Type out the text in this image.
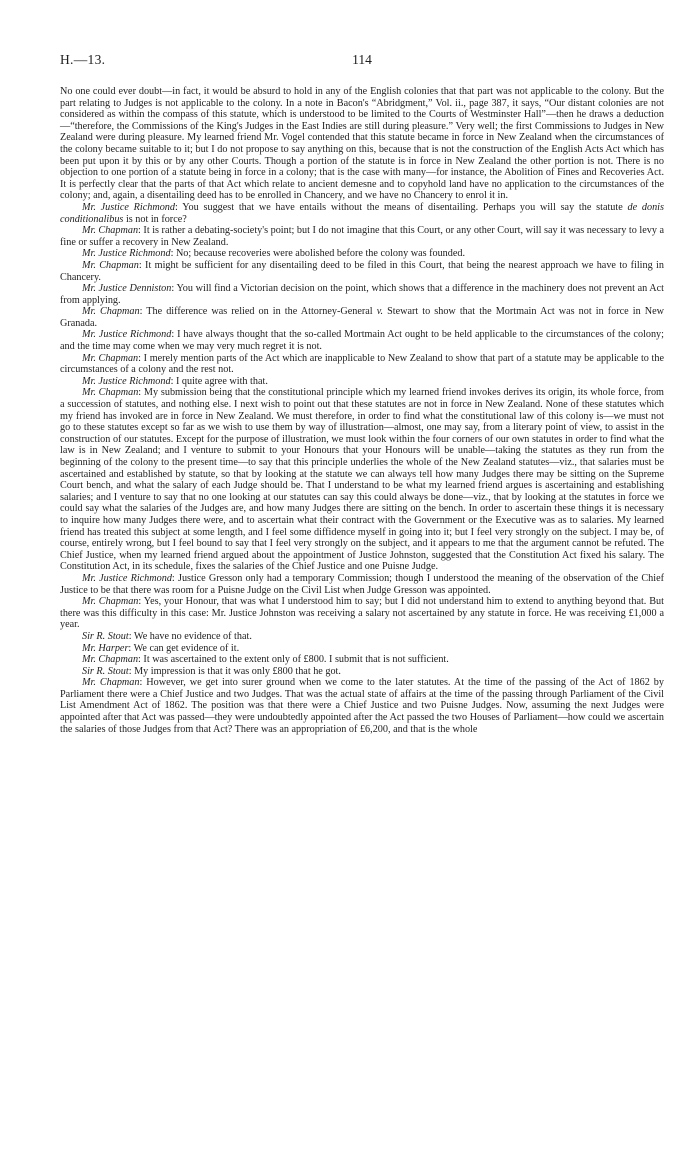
H.—13.	114

No one could ever doubt—in fact, it would be absurd to hold in any of the English colonies that that part was not applicable to the colony. But the part relating to Judges is not applicable to the colony. In a note in Bacon's “Abridgment,” Vol. ii., page 387, it says, “Our distant colonies are not considered as within the compass of this statute, which is understood to be limited to the Courts of Westminster Hall”—then he draws a deduction—“therefore, the Commissions of the King's Judges in the East Indies are still during pleasure.” Very well; the first Commissions to Judges in New Zealand were during pleasure. My learned friend Mr. Vogel contended that this statute became in force in New Zealand when the circumstances of the colony became suitable to it; but I do not propose to say anything on this, because that is not the construction of the English Acts Act which has been put upon it by this or by any other Courts. Though a portion of the statute is in force in New Zealand the other portion is not. There is no objection to one portion of a statute being in force in a colony; that is the case with many—for instance, the Abolition of Fines and Recoveries Act. It is perfectly clear that the parts of that Act which relate to ancient demesne and to copyhold land have no application to the circumstances of the colony; and, again, a disentailing deed has to be enrolled in Chancery, and we have no Chancery to enrol it in.

Mr. Justice Richmond: You suggest that we have entails without the means of disentailing. Perhaps you will say the statute de donis conditionalibus is not in force?

Mr. Chapman: It is rather a debating-society's point; but I do not imagine that this Court, or any other Court, will say it was necessary to levy a fine or suffer a recovery in New Zealand.

Mr. Justice Richmond: No; because recoveries were abolished before the colony was founded.

Mr. Chapman: It might be sufficient for any disentailing deed to be filed in this Court, that being the nearest approach we have to filing in Chancery.

Mr. Justice Denniston: You will find a Victorian decision on the point, which shows that a difference in the machinery does not prevent an Act from applying.

Mr. Chapman: The difference was relied on in the Attorney-General v. Stewart to show that the Mortmain Act was not in force in New Granada.

Mr. Justice Richmond: I have always thought that the so-called Mortmain Act ought to be held applicable to the circumstances of the colony; and the time may come when we may very much regret it is not.

Mr. Chapman: I merely mention parts of the Act which are inapplicable to New Zealand to show that part of a statute may be applicable to the circumstances of a colony and the rest not.

Mr. Justice Richmond: I quite agree with that.

Mr. Chapman: My submission being that the constitutional principle which my learned friend invokes derives its origin, its whole force, from a succession of statutes, and nothing else. I next wish to point out that these statutes are not in force in New Zealand. None of these statutes which my friend has invoked are in force in New Zealand. We must therefore, in order to find what the constitutional law of this colony is—we must not go to these statutes except so far as we wish to use them by way of illustration—almost, one may say, from a literary point of view, to assist in the construction of our statutes. Except for the purpose of illustration, we must look within the four corners of our own statutes in order to find what the law is in New Zealand; and I venture to submit to your Honours that your Honours will be unable—taking the statutes as they run from the beginning of the colony to the present time—to say that this principle underlies the whole of the New Zealand statutes—viz., that salaries must be ascertained and established by statute, so that by looking at the statute we can always tell how many Judges there may be sitting on the Supreme Court bench, and what the salary of each Judge should be. That I understand to be what my learned friend argues is ascertaining and establishing salaries; and I venture to say that no one looking at our statutes can say this could always be done—viz., that by looking at the statutes in force we could say what the salaries of the Judges are, and how many Judges there are sitting on the bench. In order to ascertain these things it is necessary to inquire how many Judges there were, and to ascertain what their contract with the Government or the Executive was as to salaries. My learned friend has treated this subject at some length, and I feel some diffidence myself in going into it; but I feel very strongly on the subject. I may be, of course, entirely wrong, but I feel bound to say that I feel very strongly on the subject, and it appears to me that the argument cannot be refuted. The Chief Justice, when my learned friend argued about the appointment of Justice Johnston, suggested that the Constitution Act fixed his salary. The Constitution Act, in its schedule, fixes the salaries of the Chief Justice and one Puisne Judge.

Mr. Justice Richmond: Justice Gresson only had a temporary Commission; though I understood the meaning of the observation of the Chief Justice to be that there was room for a Puisne Judge on the Civil List when Judge Gresson was appointed.

Mr. Chapman: Yes, your Honour, that was what I understood him to say; but I did not understand him to extend to anything beyond that. But there was this difficulty in this case: Mr. Justice Johnston was receiving a salary not ascertained by any statute in force. He was receiving £1,000 a year.

Sir R. Stout: We have no evidence of that.

Mr. Harper: We can get evidence of it.

Mr. Chapman: It was ascertained to the extent only of £800. I submit that is not sufficient.

Sir R. Stout: My impression is that it was only £800 that he got.

Mr. Chapman: However, we get into surer ground when we come to the later statutes. At the time of the passing of the Act of 1862 by Parliament there were a Chief Justice and two Judges. That was the actual state of affairs at the time of the passing through Parliament of the Civil List Amendment Act of 1862. The position was that there were a Chief Justice and two Puisne Judges. Now, assuming the next Judges were appointed after that Act was passed—they were undoubtedly appointed after the Act passed the two Houses of Parliament—how could we ascertain the salaries of those Judges from that Act? There was an appropriation of £6,200, and that is the whole
